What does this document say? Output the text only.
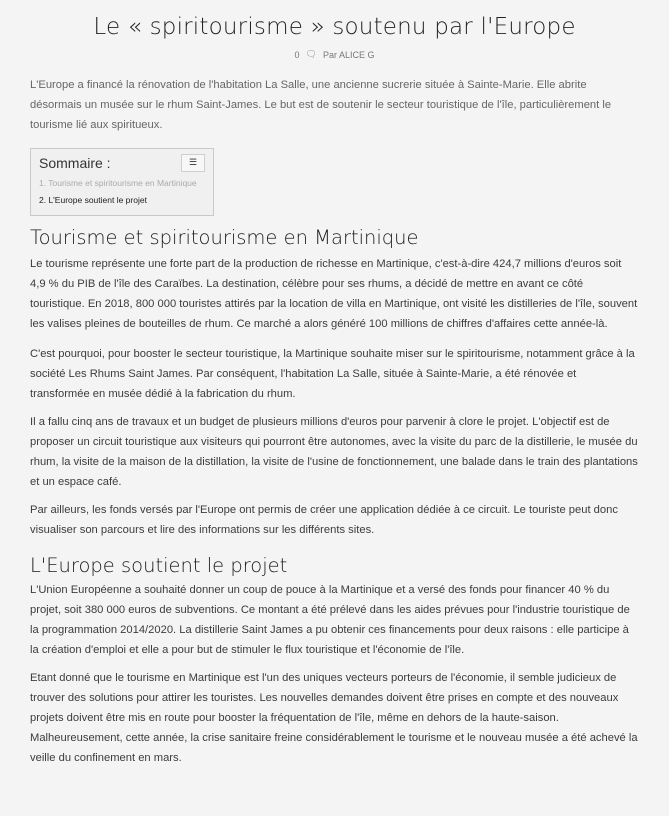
Le « spiritourisme » soutenu par l'Europe
0 🗨 Par ALICE G

L'Europe a financé la rénovation de l'habitation La Salle, une ancienne sucrerie située à Sainte-Marie. Elle abrite désormais un musée sur le rhum Saint-James. Le but est de soutenir le secteur touristique de l'île, particulièrement le tourisme lié aux spiritueux.

Sommaire :	☰
1. Tourisme et spiritourisme en Martinique
2. L'Europe soutient le projet
Tourisme et spiritourisme en Martinique

Le tourisme représente une forte part de la production de richesse en Martinique, c'est-à-dire 424,7 millions d'euros soit 4,9 % du PIB de l'île des Caraïbes. La destination, célèbre pour ses rhums, a décidé de mettre en avant ce côté touristique. En 2018, 800 000 touristes attirés par la location de villa en Martinique, ont visité les distilleries de l'île, souvent les valises pleines de bouteilles de rhum. Ce marché a alors généré 100 millions de chiffres d'affaires cette année-là.

C'est pourquoi, pour booster le secteur touristique, la Martinique souhaite miser sur le spiritourisme, notamment grâce à la société Les Rhums Saint James. Par conséquent, l'habitation La Salle, située à Sainte-Marie, a été rénovée et transformée en musée dédié à la fabrication du rhum.

Il a fallu cinq ans de travaux et un budget de plusieurs millions d'euros pour parvenir à clore le projet. L'objectif est de proposer un circuit touristique aux visiteurs qui pourront être autonomes, avec la visite du parc de la distillerie, le musée du rhum, la visite de la maison de la distillation, la visite de l'usine de fonctionnement, une balade dans le train des plantations et un espace café.

Par ailleurs, les fonds versés par l'Europe ont permis de créer une application dédiée à ce circuit. Le touriste peut donc visualiser son parcours et lire des informations sur les différents sites.

L'Europe soutient le projet

L'Union Européenne a souhaité donner un coup de pouce à la Martinique et a versé des fonds pour financer 40 % du projet, soit 380 000 euros de subventions. Ce montant a été prélevé dans les aides prévues pour l'industrie touristique de la programmation 2014/2020. La distillerie Saint James a pu obtenir ces financements pour deux raisons : elle participe à la création d'emploi et elle a pour but de stimuler le flux touristique et l'économie de l'île.

Etant donné que le tourisme en Martinique est l'un des uniques vecteurs porteurs de l'économie, il semble judicieux de trouver des solutions pour attirer les touristes. Les nouvelles demandes doivent être prises en compte et des nouveaux projets doivent être mis en route pour booster la fréquentation de l'île, même en dehors de la haute-saison. Malheureusement, cette année, la crise sanitaire freine considérablement le tourisme et le nouveau musée a été achevé la veille du confinement en mars.
